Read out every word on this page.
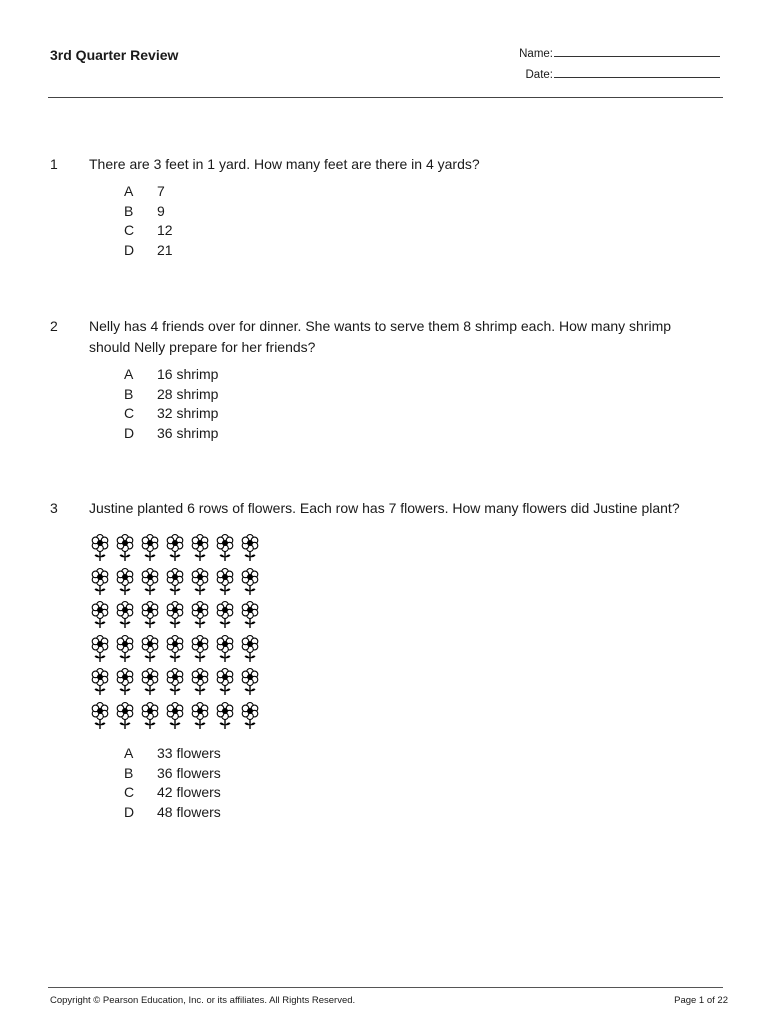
3rd Quarter Review	Name:
Date:
1	There are 3 feet in 1 yard. How many feet are there in 4 yards?
A	7
B	9
C	12
D	21
2	Nelly has 4 friends over for dinner. She wants to serve them 8 shrimp each. How many shrimp should Nelly prepare for her friends?
A	16 shrimp
B	28 shrimp
C	32 shrimp
D	36 shrimp
3	Justine planted 6 rows of flowers. Each row has 7 flowers. How many flowers did Justine plant?
A	33 flowers
B	36 flowers
C	42 flowers
D	48 flowers
Copyright © Pearson Education, Inc. or its affiliates. All Rights Reserved.	Page 1 of 22
